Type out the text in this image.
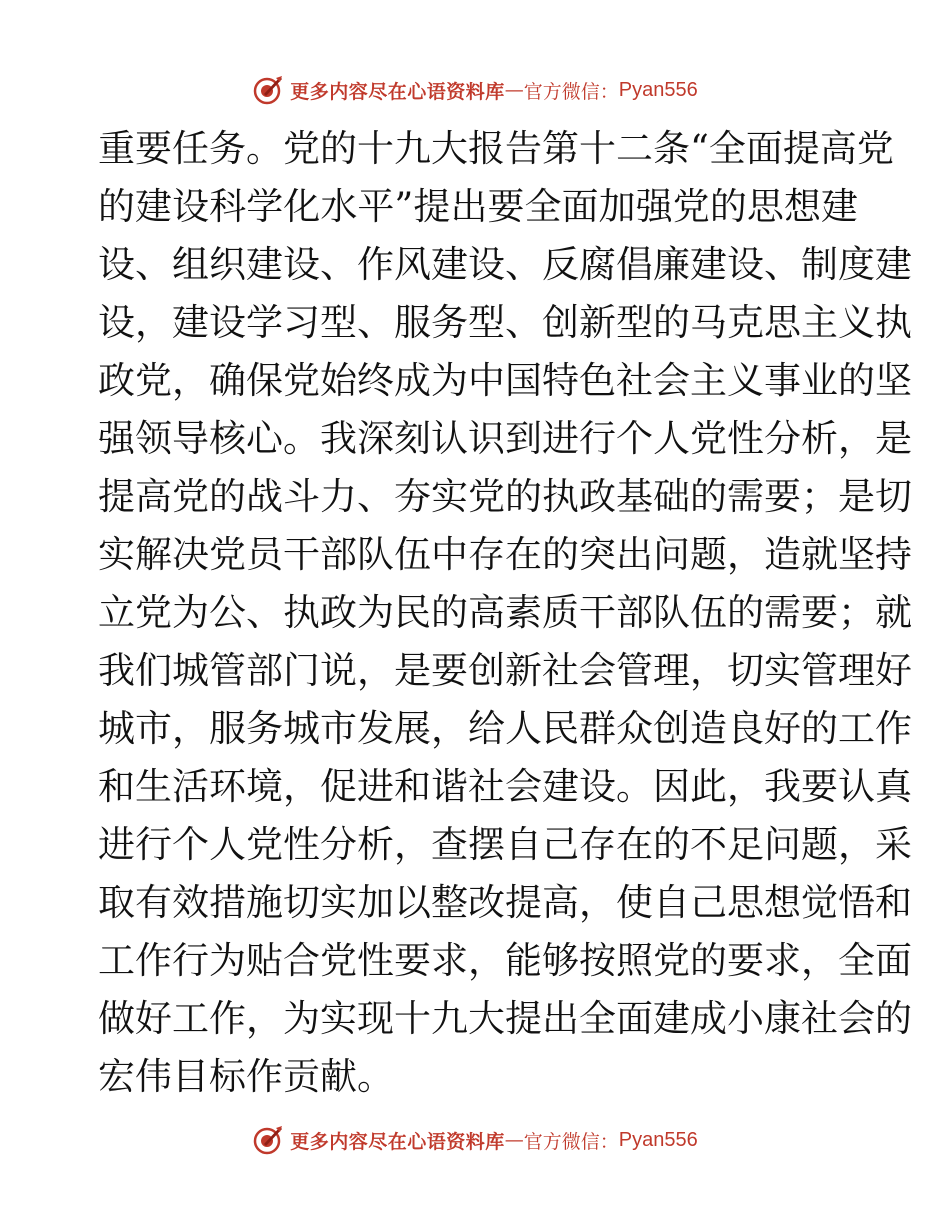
更多内容尽在心语资料库 — 官方微信： Pyan556
重要任务。党的十九大报告第十二条“全面提高党
的建设科学化水平”提出要全面加强党的思想建
设、组织建设、作风建设、反腐倡廉建设、制度建
设，建设学习型、服务型、创新型的马克思主义执
政党，确保党始终成为中国特色社会主义事业的坚
强领导核心。我深刻认识到进行个人党性分析，是
提高党的战斗力、夯实党的执政基础的需要；是切
实解决党员干部队伍中存在的突出问题，造就坚持
立党为公、执政为民的高素质干部队伍的需要；就
我们城管部门说，是要创新社会管理，切实管理好
城市，服务城市发展，给人民群众创造良好的工作
和生活环境，促进和谐社会建设。因此，我要认真
进行个人党性分析，查摆自己存在的不足问题，采
取有效措施切实加以整改提高，使自己思想觉悟和
工作行为贴合党性要求，能够按照党的要求，全面
做好工作，为实现十九大提出全面建成小康社会的
宏伟目标作贡献。
更多内容尽在心语资料库 — 官方微信： Pyan556
